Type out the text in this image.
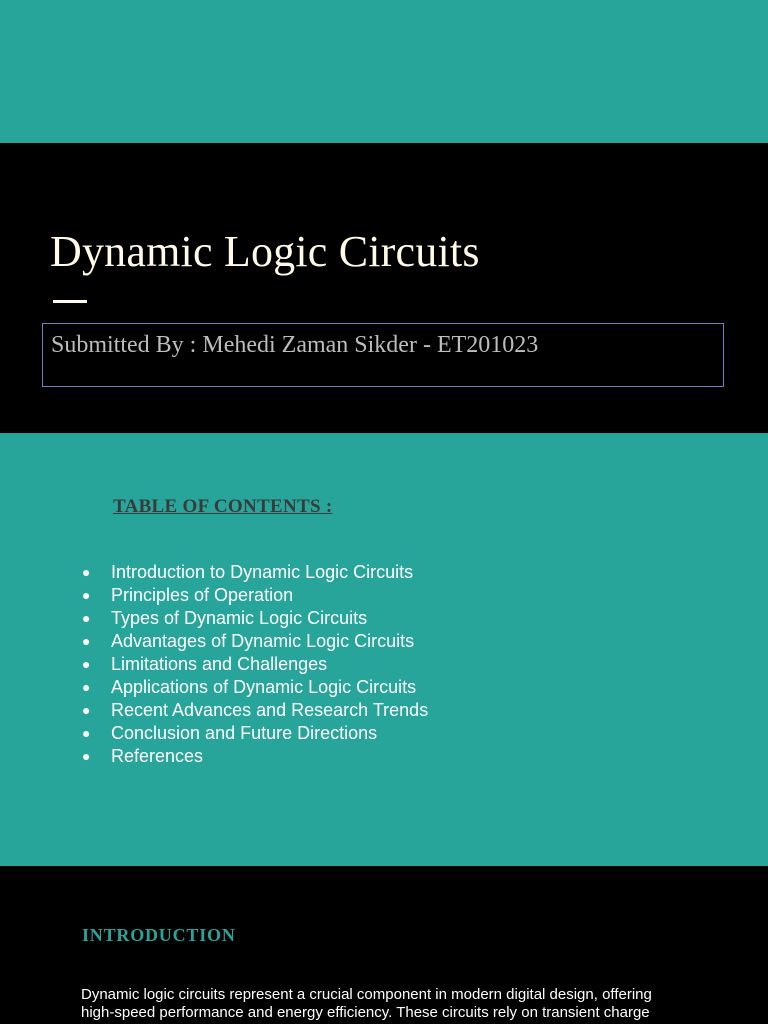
Dynamic Logic Circuits
Submitted By : Mehedi Zaman Sikder - ET201023
TABLE OF CONTENTS :
● Introduction to Dynamic Logic Circuits
● Principles of Operation
● Types of Dynamic Logic Circuits
● Advantages of Dynamic Logic Circuits
● Limitations and Challenges
● Applications of Dynamic Logic Circuits
● Recent Advances and Research Trends
● Conclusion and Future Directions
● References
INTRODUCTION

Dynamic logic circuits represent a crucial component in modern digital design, offering high-speed performance and energy efficiency. These circuits rely on transient charge
